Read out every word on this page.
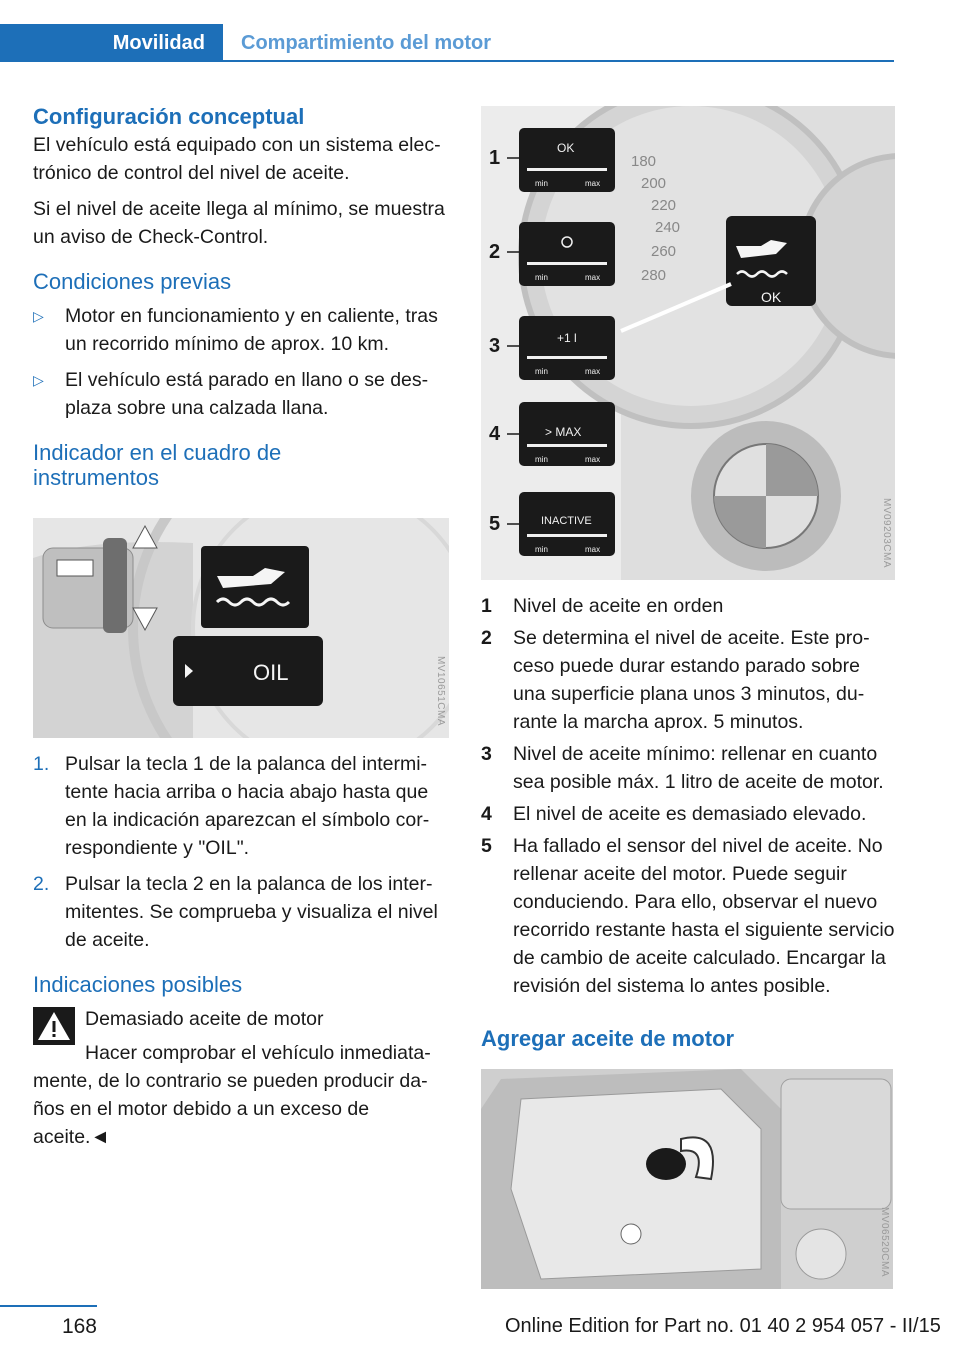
Movilidad	Compartimiento del motor
Configuración conceptual

El vehículo está equipado con un sistema electrónico de control del nivel de aceite.

Si el nivel de aceite llega al mínimo, se muestra un aviso de Check-Control.

Condiciones previas
▷ Motor en funcionamiento y en caliente, tras un recorrido mínimo de aprox. 10 km.
▷ El vehículo está parado en llano o se desplaza sobre una calzada llana.
Indicador en el cuadro de instrumentos
OIL	MV10651CMA
1. Pulsar la tecla 1 de la palanca del intermitente hacia arriba o hacia abajo hasta que en la indicación aparezcan el símbolo correspondiente y "OIL".
2. Pulsar la tecla 2 en la palanca de los intermitentes. Se comprueba y visualiza el nivel de aceite.
Indicaciones posibles

Demasiado aceite de motor

Hacer comprobar el vehículo inmediatamente, de lo contrario se pueden producir daños en el motor debido a un exceso de aceite.◄

180
200
220
240
260
280
OK
1	OK
min	max
2
min	max
3	+1 l
min	max
4	> MAX
min	max
5	INACTIVE
min	max	MV09203CMA
1 Nivel de aceite en orden
2 Se determina el nivel de aceite. Este proceso puede durar estando parado sobre una superficie plana unos 3 minutos, durante la marcha aprox. 5 minutos.
3 Nivel de aceite mínimo: rellenar en cuanto sea posible máx. 1 litro de aceite de motor.
4 El nivel de aceite es demasiado elevado.
5 Ha fallado el sensor del nivel de aceite. No rellenar aceite del motor. Puede seguir conduciendo. Para ello, observar el nuevo recorrido restante hasta el siguiente servicio de cambio de aceite calculado. Encargar la revisión del sistema lo antes posible.
Agregar aceite de motor
MV06520CMA
168	Online Edition for Part no. 01 40 2 954 057 - II/15
